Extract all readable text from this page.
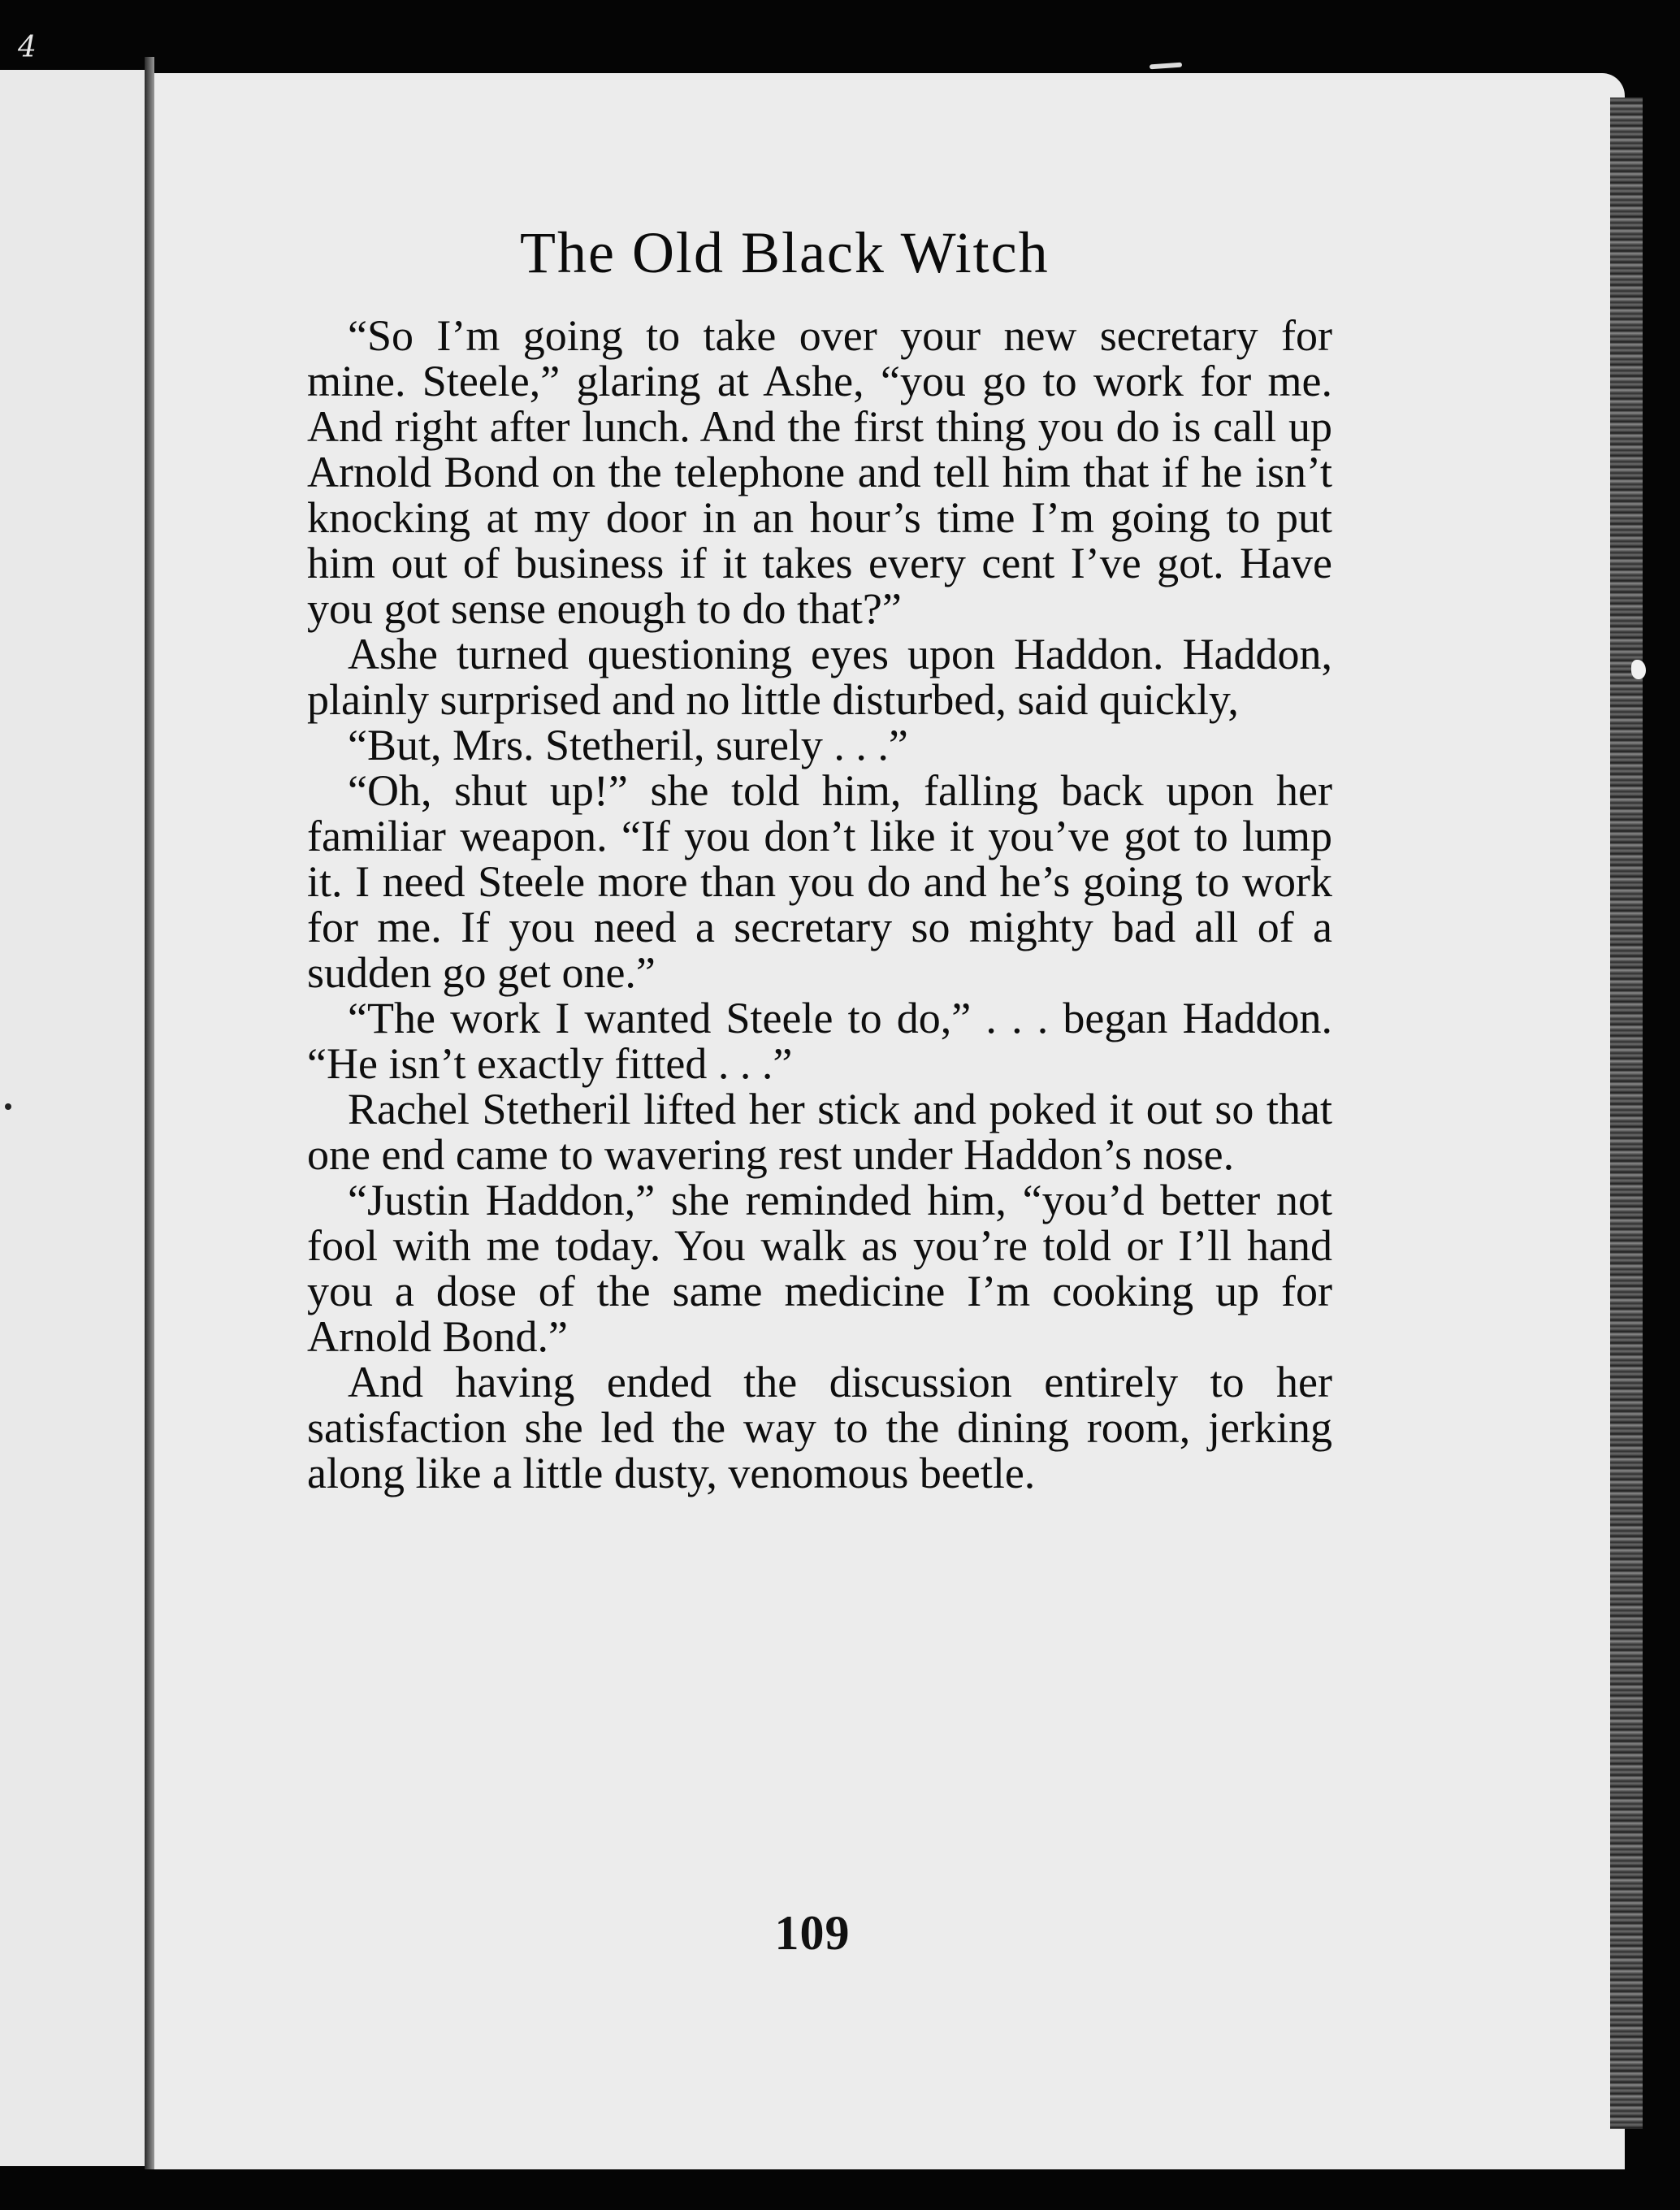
4
The Old Black Witch

“So I’m going to take over your new secretary for mine. Steele,” glaring at Ashe, “you go to work for me. And right after lunch. And the first thing you do is call up Arnold Bond on the telephone and tell him that if he isn’t knocking at my door in an hour’s time I’m going to put him out of business if it takes every cent I’ve got. Have you got sense enough to do that?”

Ashe turned questioning eyes upon Haddon. Haddon, plainly surprised and no little disturbed, said quickly,

“But, Mrs. Stetheril, surely . . .”

“Oh, shut up!” she told him, falling back upon her familiar weapon. “If you don’t like it you’ve got to lump it. I need Steele more than you do and he’s going to work for me. If you need a secretary so mighty bad all of a sudden go get one.”

“The work I wanted Steele to do,” . . . began Haddon. “He isn’t exactly fitted . . .”

Rachel Stetheril lifted her stick and poked it out so that one end came to wavering rest under Haddon’s nose.

“Justin Haddon,” she reminded him, “you’d better not fool with me today. You walk as you’re told or I’ll hand you a dose of the same medicine I’m cooking up for Arnold Bond.”

And having ended the discussion entirely to her satisfaction she led the way to the dining room, jerking along like a little dusty, venomous beetle.

109
